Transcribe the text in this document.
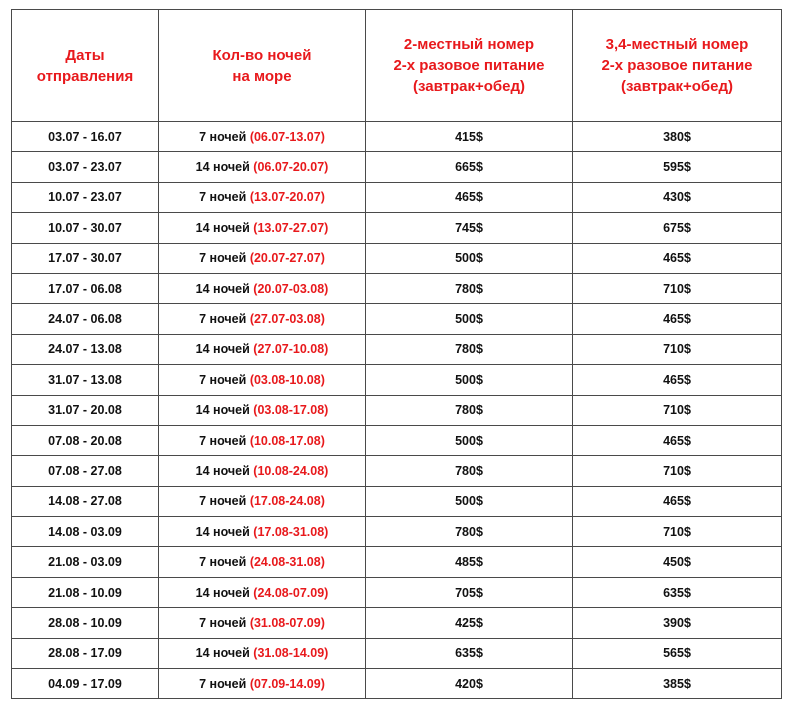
Даты
отправления	Кол-во ночей
на море	2-местный номер
2-х разовое питание
(завтрак+обед)	3,4-местный номер
2-х разовое питание
(завтрак+обед)

03.07 - 16.07	7 ночей (06.07-13.07)	415$	380$
03.07 - 23.07	14 ночей (06.07-20.07)	665$	595$
10.07 - 23.07	7 ночей (13.07-20.07)	465$	430$
10.07 - 30.07	14 ночей (13.07-27.07)	745$	675$
17.07 - 30.07	7 ночей (20.07-27.07)	500$	465$
17.07 - 06.08	14 ночей (20.07-03.08)	780$	710$
24.07 - 06.08	7 ночей (27.07-03.08)	500$	465$
24.07 - 13.08	14 ночей (27.07-10.08)	780$	710$
31.07 - 13.08	7 ночей (03.08-10.08)	500$	465$
31.07 - 20.08	14 ночей (03.08-17.08)	780$	710$
07.08 - 20.08	7 ночей (10.08-17.08)	500$	465$
07.08 - 27.08	14 ночей (10.08-24.08)	780$	710$
14.08 - 27.08	7 ночей (17.08-24.08)	500$	465$
14.08 - 03.09	14 ночей (17.08-31.08)	780$	710$
21.08 - 03.09	7 ночей (24.08-31.08)	485$	450$
21.08 - 10.09	14 ночей (24.08-07.09)	705$	635$
28.08 - 10.09	7 ночей (31.08-07.09)	425$	390$
28.08 - 17.09	14 ночей (31.08-14.09)	635$	565$
04.09 - 17.09	7 ночей (07.09-14.09)	420$	385$
